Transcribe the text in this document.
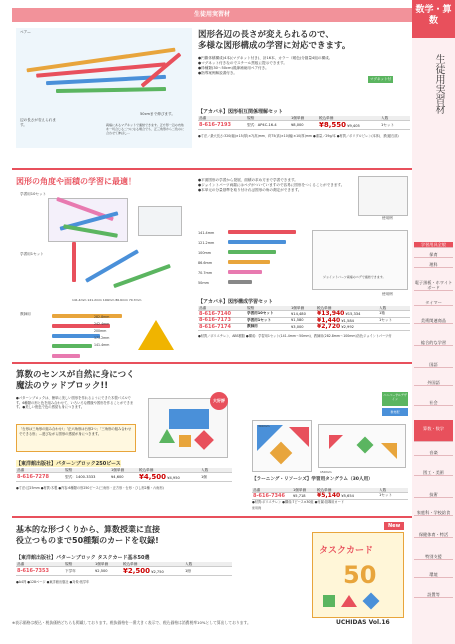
生徒用実習材
ベア—
辺の長さが変えられます。
50cmまで伸びます。
両端にあるマグネットで連結できます。正方形一辺の内角を一切合じる二つになる場合でも、正三角形から二色のに合わせて伸ばし…
図形各辺の長さが変えられるので、
多様な図形構成の学習に対応できます。
●円錐体積構成(4本)(マグネット付き)、計16本、カラー（暖色)分割量4組の構成。
●マグネット付きなのでスチール黒板に提示できます。
●枠種類(30～50cm)視線補助用ペア付き。
●指導案例解説書付き。
マグネット付
【アカバネ】図形相互関係理解セット
品番	規格	1個単価	税込単価	入数
8-616-7193	型式：AP4C-16-4	¥8,000	¥8,550 ¥9,405	1セット
●寸法／最大長さ:320(幅)×15(厚)×7(高)mm、約75(高)×10(幅)×10(厚)mm ●重量／29g/本 ●材質／ポリプロピレン(本体)、鉄(磁石部)
図形の角度や面積の学習に最適！
学習用10セット
学習用1セット
141.4mm 121.2mm 100mm 86.6mm 70.7mm
教師用
282.8mm
242.4mm
200mm
173.2mm
141.4mm
●平面図形の学習から発展、面積の求め方まで学習できます。
●ジョイントパーツ両端にはペグがついていますので容易に図形をつくることができます。
●本単元の分量基準を取り付ければ図形の角の測定ができます。
使用例
141.4mm
121.2mm
100mm
86.6mm
70.7mm
50mm
ジョイントパーツ両端のペグで連結できます。
使用例
【アカバネ】図形構成学習セット
品番	規格	1個単価	税込単価	入数
8-616-7140	学習用10セット	¥14,480	¥13,940 ¥15,334	1箱
8-616-7173	学習用1セット	¥1,580	¥1,440 ¥1,584	1セット
8-616-7174	教師用	¥3,000	¥2,720 ¥2,992
●材質／ポリエチレン、ABS樹脂 ●構成：学習用1セット(141.4mm〜50mm)、教師用(282.8mm〜100mm)各色ジョイントパーツ付
算数のセンスが自然に身につく
魔法のウッドブロック!!
●パターンブロックは、簡単に美しい図形を作れるようにできた木製パズルです。6種類の形と色を組み合わせて、いろいろな模様や図形を作ることができます。●美しい配色で色の感覚も身につきます。
「台形は三角形の組み合わせ!」「正六角形は台形2つ」「三角形の組み合わせでできる形」…遊びながら図形の感覚が身につきます。
大好評
【東洋館出版社】パターンブロック250ピース
品番	規格	1個単価	税込単価	入数
8-616-7278	型式：1400-3333	¥4,600	¥4,500 ¥4,950	1個
●寸法:辺25mm ●材質:木製 ●内容:6種類の形250ピース(三角形・正方形・台形・ひし形2種・六角形)
ユニバーサルデザイン
教材配
300mm
150mm
【ラーニング・リソーシズ】学習用タングラム（30人用）
品番	1個単価	税込単価	入数
8-616-7346	¥5,718	¥5,140 ¥5,654	1セット
●材質:ポリエチレン ●構成:7ピース×30組 ●付属:指導用カード
使用例
基本的な形づくりから、算数授業に直接
役立つものまで50種類のカードを収録!
New
タスクカード
50
【東洋館出版社】パターンブロック タスクカード基本50選
品番	規格	1個単価	税込単価	入数
8-616-7353	下学年	¥2,500	¥2,500 ¥2,750	1冊
●A4判 ●128ページ ●東洋館出版社 ●対象:低学年
※表示価格は税込・税抜価格どちらも掲載しております。税抜価格を一番大きく表示で、税込価格は消費税率10%として算出しております。	UCHIDAS Vol.16
数学・算数
生徒用実習材
学習用具全般
保育
理科
電子黒板・ホワイトボード
タイマー
美術関連商品
総合的な学習
国語
外国語
社会
算数・数学
音楽
図工・美術
技術
家庭科・学校給食
保健体育・特活
特別支援
環境
設置等
